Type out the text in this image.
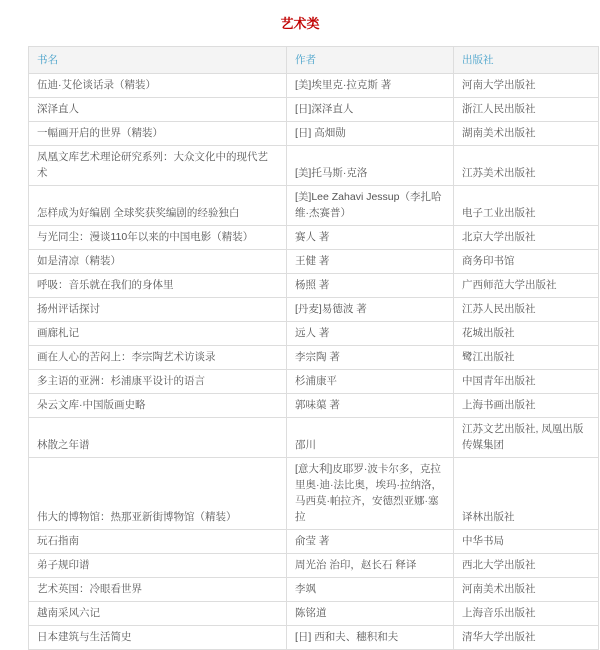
艺术类
书名	作者	出版社
伍迪·艾伦谈话录（精装）	[美]埃里克·拉克斯 著	河南大学出版社
深泽直人	[日]深泽直人	浙江人民出版社
一幅画开启的世界（精装）	[日] 高畑勋	湖南美术出版社
凤凰文库艺术理论研究系列：大众文化中的现代艺术	[美]托马斯·克洛	江苏美术出版社
怎样成为好编剧 全球奖获奖编剧的经验独白	[美]Lee Zahavi Jessup（李扎哈维·杰赛普）	电子工业出版社
与光同尘：漫谈110年以来的中国电影（精装）	赛人 著	北京大学出版社
如是清凉（精装）	王健 著	商务印书馆
呼吸：音乐就在我们的身体里	杨照 著	广西师范大学出版社
扬州评话探讨	[丹麦]易德波 著	江苏人民出版社
画廊札记	远人 著	花城出版社
画在人心的苦闷上：李宗陶艺术访谈录	李宗陶 著	鹭江出版社
多主语的亚洲：杉浦康平设计的语言	杉浦康平	中国青年出版社
朵云文库·中国版画史略	郭味蕖 著	上海书画出版社
林散之年谱	邵川	江苏文艺出版社, 凤凰出版传媒集团
伟大的博物馆：热那亚新街博物馆（精装）	[意大利]皮耶罗·波卡尔多，克拉里奥·迪·法比奥，埃玛·拉纳洛，马西莫·帕拉齐，安德烈亚娜·塞拉	译林出版社
玩石指南	俞莹 著	中华书局
弟子规印谱	周光治 治印，赵长石 释译	西北大学出版社
艺术英国：冷眼看世界	李飒	河南美术出版社
越南采风六记	陈铭道	上海音乐出版社
日本建筑与生活简史	[日] 西和夫、穗积和夫	清华大学出版社
